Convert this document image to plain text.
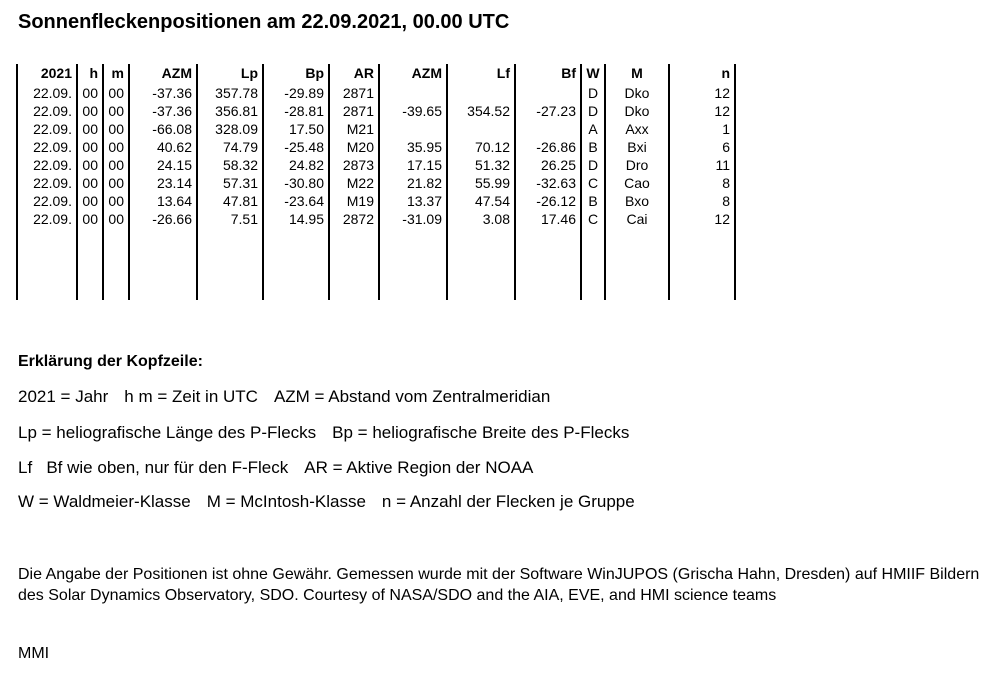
Sonnenfleckenpositionen am 22.09.2021, 00.00 UTC
2021	h	m	AZM	Lp	Bp	AR	AZM	Lf	Bf	W	M	n
22.09.	00	00	-37.36	357.78	-29.89	2871				D	Dko	12
22.09.	00	00	-37.36	356.81	-28.81	2871	-39.65	354.52	-27.23	D	Dko	12
22.09.	00	00	-66.08	328.09	17.50	M21				A	Axx	1
22.09.	00	00	40.62	74.79	-25.48	M20	35.95	70.12	-26.86	B	Bxi	6
22.09.	00	00	24.15	58.32	24.82	2873	17.15	51.32	26.25	D	Dro	11
22.09.	00	00	23.14	57.31	-30.80	M22	21.82	55.99	-32.63	C	Cao	8
22.09.	00	00	13.64	47.81	-23.64	M19	13.37	47.54	-26.12	B	Bxo	8
22.09.	00	00	-26.66	7.51	14.95	2872	-31.09	3.08	17.46	C	Cai	12

Erklärung der Kopfzeile:
2021 = Jahr h m = Zeit in UTC AZM = Abstand vom Zentralmeridian
Lp = heliografische Länge des P-Flecks Bp = heliografische Breite des P-Flecks
Lf   Bf wie oben, nur für den F-Fleck AR = Aktive Region der NOAA
W = Waldmeier-Klasse M = McIntosh-Klasse n = Anzahl der Flecken je Gruppe
Die Angabe der Positionen ist ohne Gewähr. Gemessen wurde mit der Software WinJUPOS (Grischa Hahn, Dresden) auf HMIIF Bildern des Solar Dynamics Observatory, SDO. Courtesy of NASA/SDO and the AIA, EVE, and HMI science teams
MMI
